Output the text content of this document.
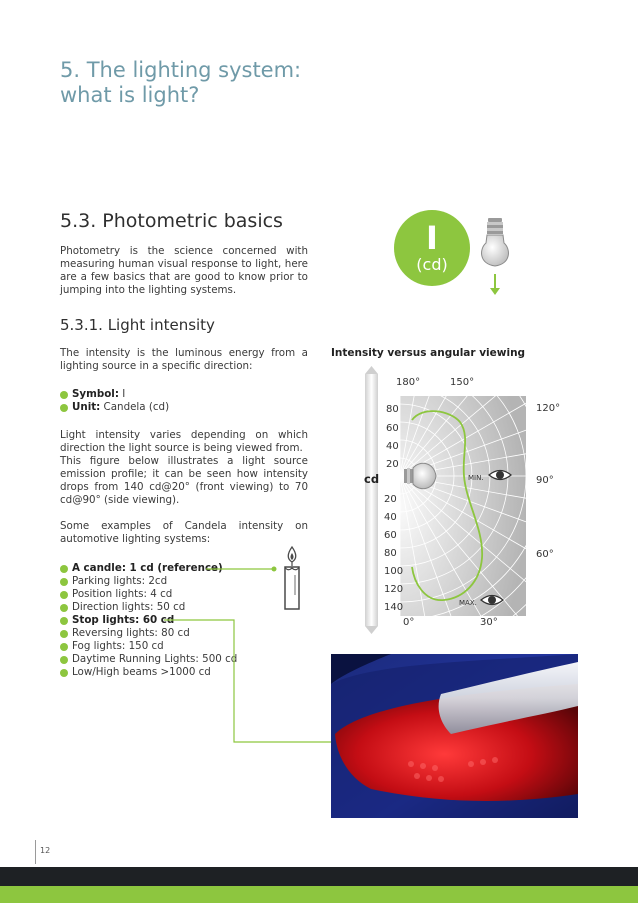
5. The lighting system:
what is light?
5.3. Photometric basics
Photometry is the science concerned with measuring human visual response to light, here are a few basics that are good to know prior to jumping into the lighting systems.
I
(cd)
5.3.1. Light intensity
The intensity is the luminous energy from a lighting source in a specific direction:
Symbol: I
Unit: Candela (cd)
Light intensity varies depending on which direction the light source is being viewed from.
This figure below illustrates a light source emission profile; it can be seen how intensity drops from 140 cd@20° (front viewing) to 70 cd@90° (side viewing).
Some examples of Candela intensity on automotive lighting systems:
A candle: 1 cd (reference)
Parking lights: 2cd
Position lights: 4 cd
Direction lights: 50 cd
Stop lights: 60 cd
Reversing lights: 80 cd
Fog lights: 150 cd
Daytime Running Lights: 500 cd
Low/High beams >1000 cd
Intensity versus angular viewing
MIN.
MAX.
80
60
40
20
20
40
60
80
100
120
140
cd
180°	150°
120°
90°
60°
30°
0°
12
